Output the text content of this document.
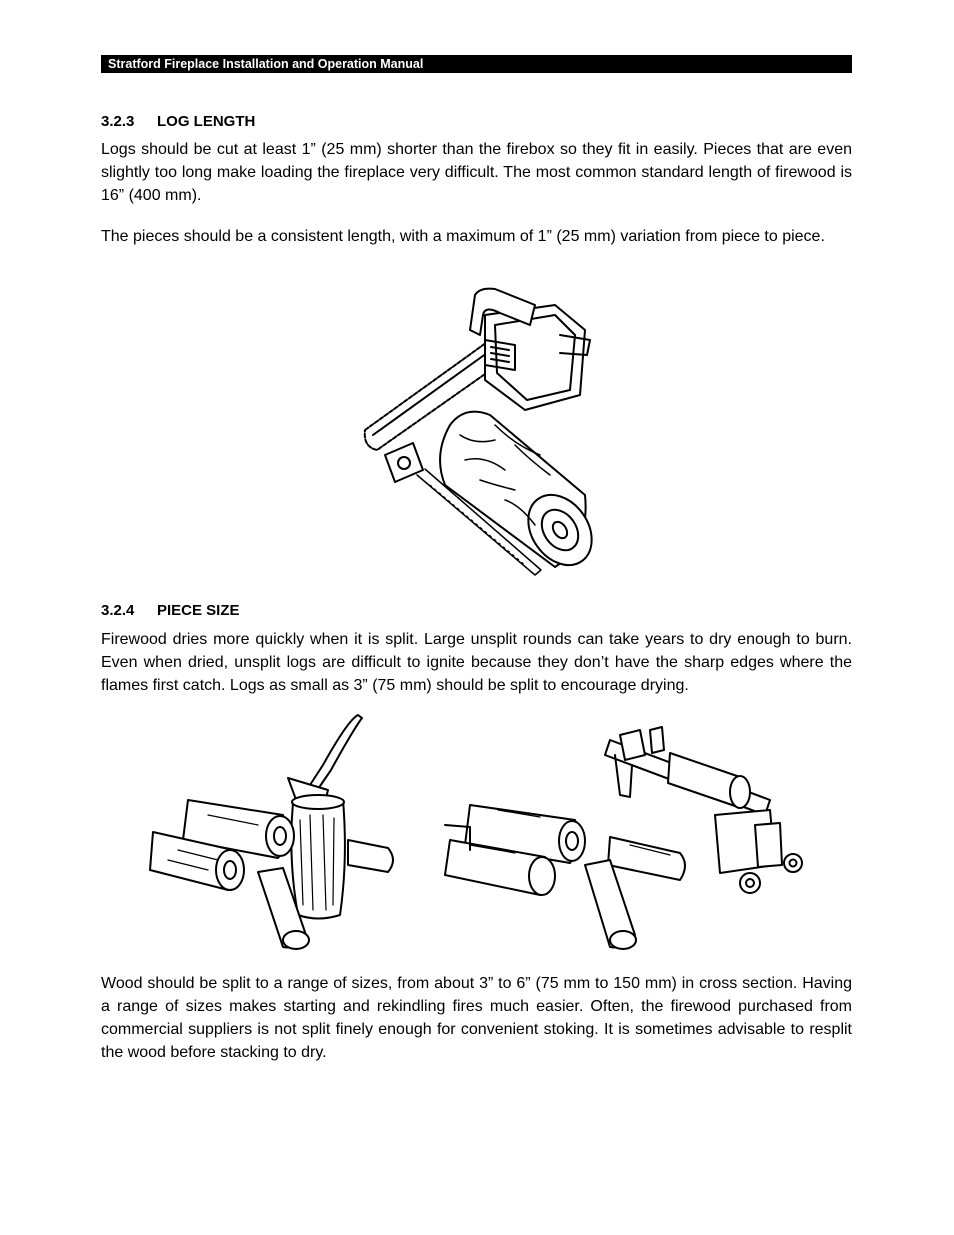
Stratford Fireplace Installation and Operation Manual
3.2.3 LOG LENGTH

Logs should be cut at least 1” (25 mm) shorter than the firebox so they fit in easily. Pieces that are even slightly too long make loading the fireplace very difficult. The most common standard length of firewood is 16” (400 mm).

The pieces should be a consistent length, with a maximum of 1” (25 mm) variation from piece to piece.

3.2.4 PIECE SIZE

Firewood dries more quickly when it is split. Large unsplit rounds can take years to dry enough to burn. Even when dried, unsplit logs are difficult to ignite because they don’t have the sharp edges where the flames first catch. Logs as small as 3” (75 mm) should be split to encourage drying.

Wood should be split to a range of sizes, from about 3” to 6” (75 mm to 150 mm) in cross section. Having a range of sizes makes starting and rekindling fires much easier. Often, the firewood purchased from commercial suppliers is not split finely enough for convenient stoking. It is sometimes advisable to resplit the wood before stacking to dry.
